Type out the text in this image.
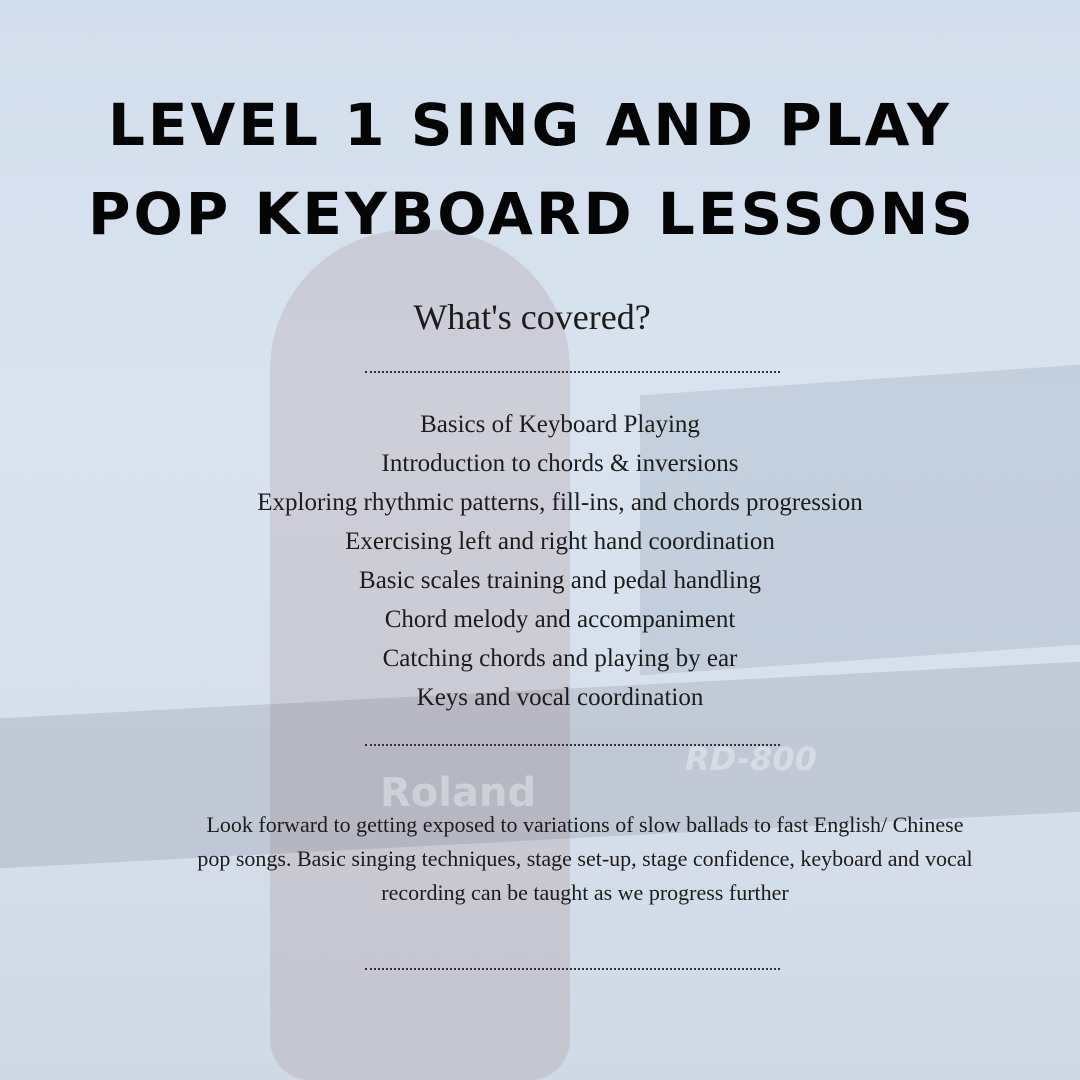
Roland
RD-800
LEVEL 1 SING AND PLAY
POP KEYBOARD LESSONS
What's covered?
Basics of Keyboard Playing
Introduction to chords & inversions
Exploring rhythmic patterns, fill-ins, and chords progression
Exercising left and right hand coordination
Basic scales training and pedal handling
Chord melody and accompaniment
Catching chords and playing by ear
Keys and vocal coordination
Look forward to getting exposed to variations of slow ballads to fast English/ Chinese pop songs. Basic singing techniques, stage set-up, stage confidence, keyboard and vocal recording can be taught as we progress further
